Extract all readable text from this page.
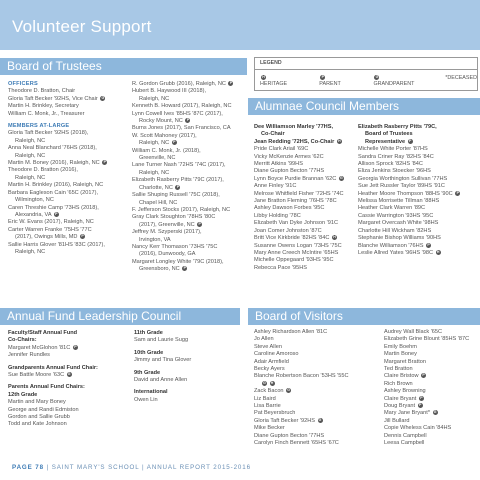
Volunteer Support
Board of Trustees
OFFICERS
Theodore D. Bratton, Chair
Gloria Taft Becker '92HS, Vice Chair G
Martin H. Brinkley, Secretary
William C. Monk, Jr., Treasurer
MEMBERS AT-LARGE
Gloria Taft Becker '92HS (2018),
Raleigh, NC
Anna Neal Blanchard '76HS (2018),
Raleigh, NC
Martin M. Boney (2016), Raleigh, NC P
Theodore D. Bratton (2016),
Raleigh, NC
Martin H. Brinkley (2016), Raleigh, NC
Barbara Eagleson Cain '65C (2017),
Wilmington, NC
Caren Threshie Camp '73HS (2018),
Alexandria, VA P
Eric W. Evans (2017), Raleigh, NC
Carter Warren Franke '75HS '77C
(2017), Owings Mills, MD P
Sallie Harris Glover '81HS '83C (2017),
Raleigh, NC
R. Gordon Grubb (2016), Raleigh, NC P
Hubert B. Haywood III (2018),
Raleigh, NC
Kenneth B. Howard (2017), Raleigh, NC
Lynn Cowell Ives '85HS '87C (2017),
Rocky Mount, NC P
Burns Jones (2017), San Francisco, CA
W. Scott Mahoney (2017),
Raleigh, NC P
William C. Monk, Jr. (2018),
Greenville, NC
Lane Turner Nash '72HS '74C (2017),
Raleigh, NC
Elizabeth Rasberry Pitts '79C (2017),
Charlotte, NC P
Sallie Shuping Russell '75C (2018),
Chapel Hill, NC
F. Jefferson Stocks (2017), Raleigh, NC
Gray Clark Stoughton '78HS '80C
(2017), Greenville, NC P
Jeffrey M. Szyperski (2017),
Irvington, VA
Nancy Kerr Thomason '73HS '75C
(2016), Dunwoody, GA
Margaret Longley White '79C (2018),
Greensboro, NC P
LEGEND
H HERITAGE
P PARENT
G GRANDPARENT
*DECEASED
Alumnae Council Members
Dee Williamson Marley '77HS,
Co-Chair
Jean Redding '72HS, Co-Chair H
Pride Clark Ariail '69C
Vicky McKenzie Armes '62C
Merritt Atkins '99HS
Diane Gupton Becton '77HS
Lynn Boyce Purdie Brannan '62C G
Anne Finley '91C
Melrose Whitfield Fisher '72HS '74C
Jane Bratton Fleming '76HS '78C
Ashley Dawson Forbes '95C
Libby Holding '78C
Elizabeth Van Dyke Johnson '91C
Joan Comer Johnston '87C
Britt Vice Kirkbride '82HS '84C H
Susanne Owens Logan '73HS '75C
Mary Anne Creech McIntire '65HS
Michelle Oppegaard '93HS '95C
Rebecca Pace '95HS
Elizabeth Rasberry Pitts '79C,
Board of Trustees
Representative P
Michelle White Porter '87HS
Sandra Criner Ray '82HS '84C
Allison Sprock '82HS '84C
Eliza Jenkins Stoecker '96HS
Georgia Worthington Sullivan '77HS
Sue Jett Russler Taylor '89HS '91C
Heather Moore Thompson '88HS '90C P
Melissa Morrisette Tillman '88HS
Heather Clark Warren '89C
Cassie Warrington '93HS '95C
Margaret Overcash White '98HS
Charlotte Hill Wickham '82HS
Stephanie Bishop Williams '90HS
Blanche Williamson '76HS P
Leslie Allred Yates '96HS '98C H
Annual Fund Leadership Council
Faculty/Staff Annual Fund
Co-Chairs:
Margaret McGlohon '81C P
Jennifer Rundles
Grandparents Annual Fund Chair:
Sue Battle Moore '63C G
Parents Annual Fund Chairs:
12th Grade
Martin and Mary Boney
George and Randi Edmiston
Gordon and Sallie Grubb
Todd and Kate Johnson
11th Grade
Sam and Laurie Sugg
10th Grade
Jimmy and Tina Glover
9th Grade
David and Anne Allen
International
Owen Lin
Board of Visitors
Ashley Richardson Allen '81C
Jo Allen
Steve Allen
Caroline Amoroso
Adair Armfield
Becky Ayers
Blanche Robertson Bacon '53HS '55C
G H
Zack Bacon G
Liz Baird
Lisa Barrie
Pat Beyersbruch
Gloria Taft Becker '92HS G
Mike Becker
Diane Gupton Becton '77HS
Carolyn Finch Bennett '65HS '67C
Audrey Wall Black '65C
Elizabeth Grine Blount '85HS '87C
Emily Boehm
Martin Boney
Margaret Bratton
Ted Bratton
Claire Bristow P
Rich Brown
Ashley Browning
Claire Bryant P
Doug Bryant P
Mary Jane Bryant* G
Jill Bullard
Copie Wheless Cain '84HS
Dennis Campbell
Leesa Campbell
PAGE 78 | SAINT MARY'S SCHOOL | ANNUAL REPORT 2015-2016
